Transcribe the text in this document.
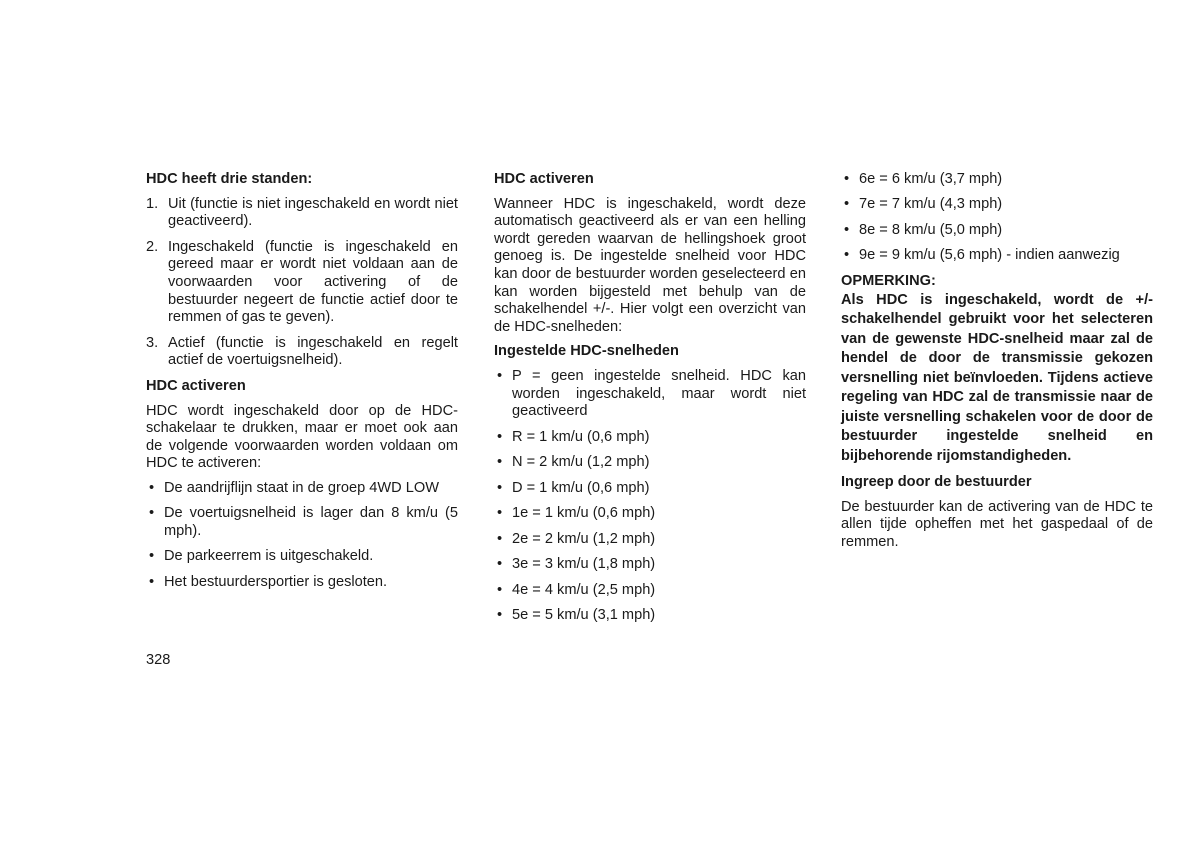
HDC heeft drie standen:
1. Uit (functie is niet ingeschakeld en wordt niet geactiveerd).
2. Ingeschakeld (functie is ingeschakeld en gereed maar er wordt niet voldaan aan de voorwaarden voor activering of de bestuurder negeert de functie actief door te remmen of gas te geven).
3. Actief (functie is ingeschakeld en regelt actief de voertuigsnelheid).
HDC activeren

HDC wordt ingeschakeld door op de HDC-schakelaar te drukken, maar er moet ook aan de volgende voorwaarden worden voldaan om HDC te activeren:

• De aandrijflijn staat in de groep 4WD LOW
• De voertuigsnelheid is lager dan 8 km/u (5 mph).
• De parkeerrem is uitgeschakeld.
• Het bestuurdersportier is gesloten.
HDC activeren

Wanneer HDC is ingeschakeld, wordt deze automatisch geactiveerd als er van een helling wordt gereden waarvan de hellingshoek groot genoeg is. De ingestelde snelheid voor HDC kan door de bestuurder worden geselecteerd en kan worden bijgesteld met behulp van de schakelhendel +/-. Hier volgt een overzicht van de HDC-snelheden:

Ingestelde HDC-snelheden
• P = geen ingestelde snelheid. HDC kan worden ingeschakeld, maar wordt niet geactiveerd
• R = 1 km/u (0,6 mph)
• N = 2 km/u (1,2 mph)
• D = 1 km/u (0,6 mph)
• 1e = 1 km/u (0,6 mph)
• 2e = 2 km/u (1,2 mph)
• 3e = 3 km/u (1,8 mph)
• 4e = 4 km/u (2,5 mph)
• 5e = 5 km/u (3,1 mph)
• 6e = 6 km/u (3,7 mph)
• 7e = 7 km/u (4,3 mph)
• 8e = 8 km/u (5,0 mph)
• 9e = 9 km/u (5,6 mph) - indien aanwezig
OPMERKING:
Als HDC is ingeschakeld, wordt de +/- schakelhendel gebruikt voor het selecteren van de gewenste HDC-snelheid maar zal de hendel de door de transmissie gekozen versnelling niet beïnvloeden. Tijdens actieve regeling van HDC zal de transmissie naar de juiste versnelling schakelen voor de door de bestuurder ingestelde snelheid en bijbehorende rijomstandigheden.
Ingreep door de bestuurder

De bestuurder kan de activering van de HDC te allen tijde opheffen met het gaspedaal of de remmen.

328
